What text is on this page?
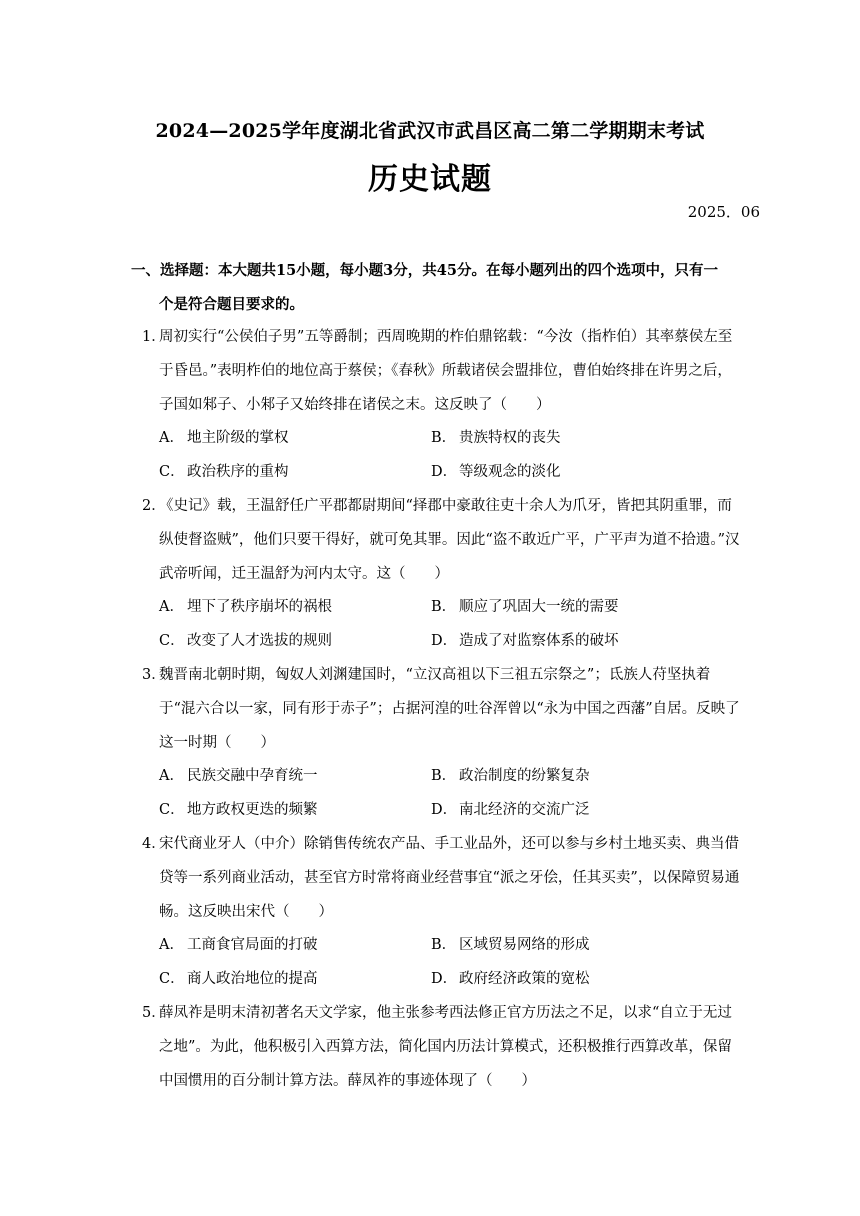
2024—2025学年度湖北省武汉市武昌区高二第二学期期末考试
历史试题
2025．06
一、选择题：本大题共15小题，每小题3分，共45分。在每小题列出的四个选项中，只有一
个是符合题目要求的。
1．周初实行“公侯伯子男”五等爵制；西周晚期的柞伯鼎铭载：“今汝（指柞伯）其率蔡侯左至于昏邑。”表明柞伯的地位高于蔡侯；《春秋》所载诸侯会盟排位，曹伯始终排在许男之后，子国如邾子、小邾子又始终排在诸侯之末。这反映了（　　）
A． 地主阶级的掌权	B． 贵族特权的丧失
C． 政治秩序的重构	D． 等级观念的淡化
2．《史记》载，王温舒任广平郡都尉期间“择郡中豪敢往吏十余人为爪牙，皆把其阴重罪，而纵使督盗贼”，他们只要干得好，就可免其罪。因此“盗不敢近广平，广平声为道不拾遗。”汉武帝听闻，迁王温舒为河内太守。这（　　）
A． 埋下了秩序崩坏的祸根	B． 顺应了巩固大一统的需要
C． 改变了人才选拔的规则	D． 造成了对监察体系的破坏
3．魏晋南北朝时期，匈奴人刘渊建国时，“立汉高祖以下三祖五宗祭之”；氐族人苻坚执着于“混六合以一家，同有形于赤子”；占据河湟的吐谷浑曾以“永为中国之西藩”自居。反映了这一时期（　　）
A． 民族交融中孕育统一	B． 政治制度的纷繁复杂
C． 地方政权更迭的频繁	D． 南北经济的交流广泛
4．宋代商业牙人（中介）除销售传统农产品、手工业品外，还可以参与乡村土地买卖、典当借贷等一系列商业活动，甚至官方时常将商业经营事宜“派之牙侩，任其买卖”，以保障贸易通畅。这反映出宋代（　　）
A． 工商食官局面的打破	B． 区域贸易网络的形成
C． 商人政治地位的提高	D． 政府经济政策的宽松
5．薛凤祚是明末清初著名天文学家，他主张参考西法修正官方历法之不足，以求“自立于无过之地”。为此，他积极引入西算方法，简化国内历法计算模式，还积极推行西算改革，保留中国惯用的百分制计算方法。薛凤祚的事迹体现了（　　）
